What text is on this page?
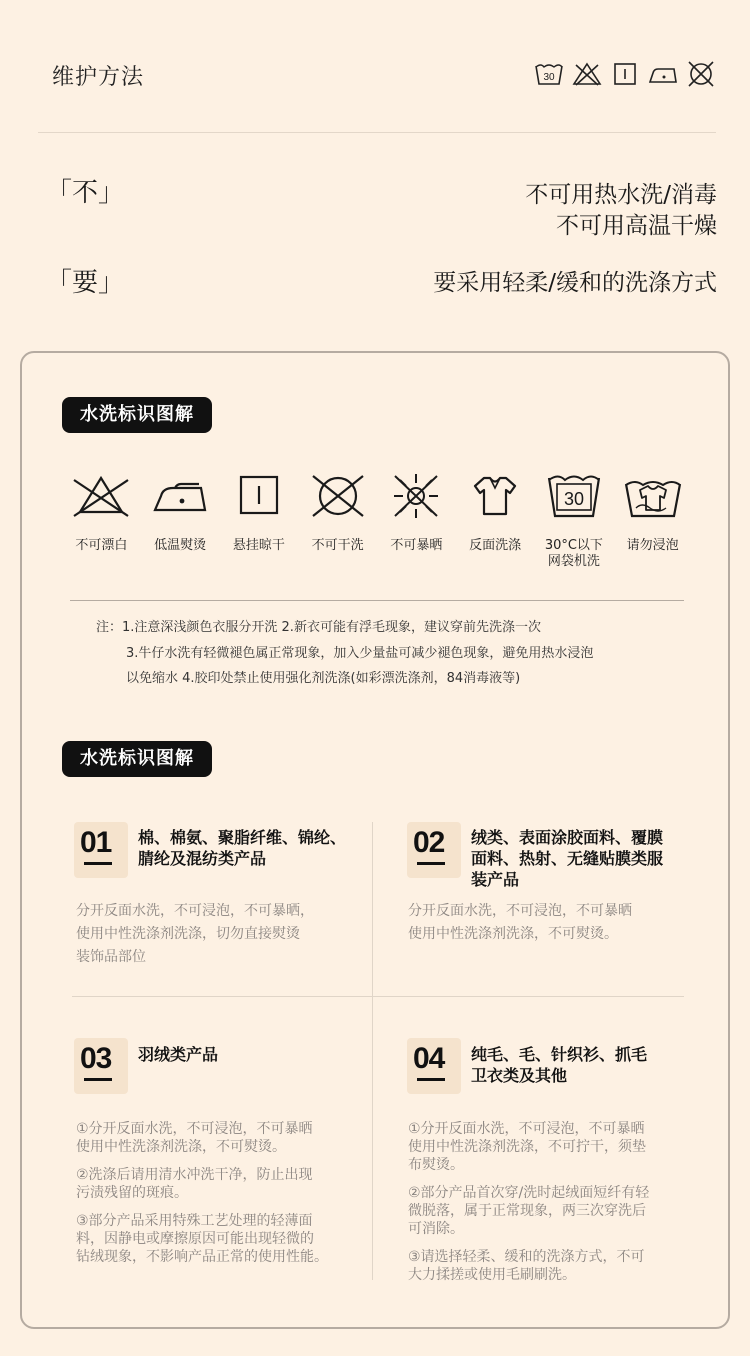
维护方法	30
「不」	不可用热水洗/消毒
不可用高温干燥
「要」	要采用轻柔/缓和的洗涤方式
水洗标识图解
不可漂白 低温熨烫 悬挂晾干 不可干洗 不可暴晒 反面洗涤
30
30°C以下
网袋机洗
请勿浸泡
注：1.注意深浅颜色衣服分开洗 2.新衣可能有浮毛现象，建议穿前先洗涤一次
3.牛仔水洗有轻微褪色属正常现象，加入少量盐可减少褪色现象，避免用热水浸泡
以免缩水 4.胶印处禁止使用强化剂洗涤(如彩漂洗涤剂，84消毒液等)
水洗标识图解
01 棉、棉氨、聚脂纤维、锦纶、
腈纶及混纺类产品
分开反面水洗，不可浸泡，不可暴晒，
使用中性洗涤剂洗涤，切勿直接熨烫
装饰品部位
02 绒类、表面涂胶面料、覆膜
面料、热射、无缝贴膜类服
装产品
分开反面水洗，不可浸泡，不可暴晒
使用中性洗涤剂洗涤，不可熨烫。
03 羽绒类产品
①分开反面水洗，不可浸泡，不可暴晒
使用中性洗涤剂洗涤，不可熨烫。
②洗涤后请用清水冲洗干净，防止出现
污渍残留的斑痕。
③部分产品采用特殊工艺处理的轻薄面
料，因静电或摩擦原因可能出现轻微的
钻绒现象，不影响产品正常的使用性能。
04 纯毛、毛、针织衫、抓毛
卫衣类及其他
①分开反面水洗，不可浸泡，不可暴晒
使用中性洗涤剂洗涤，不可拧干，须垫
布熨烫。
②部分产品首次穿/洗时起绒面短纤有轻
微脱落，属于正常现象，两三次穿洗后
可消除。
③请选择轻柔、缓和的洗涤方式，不可
大力揉搓或使用毛刷刷洗。
